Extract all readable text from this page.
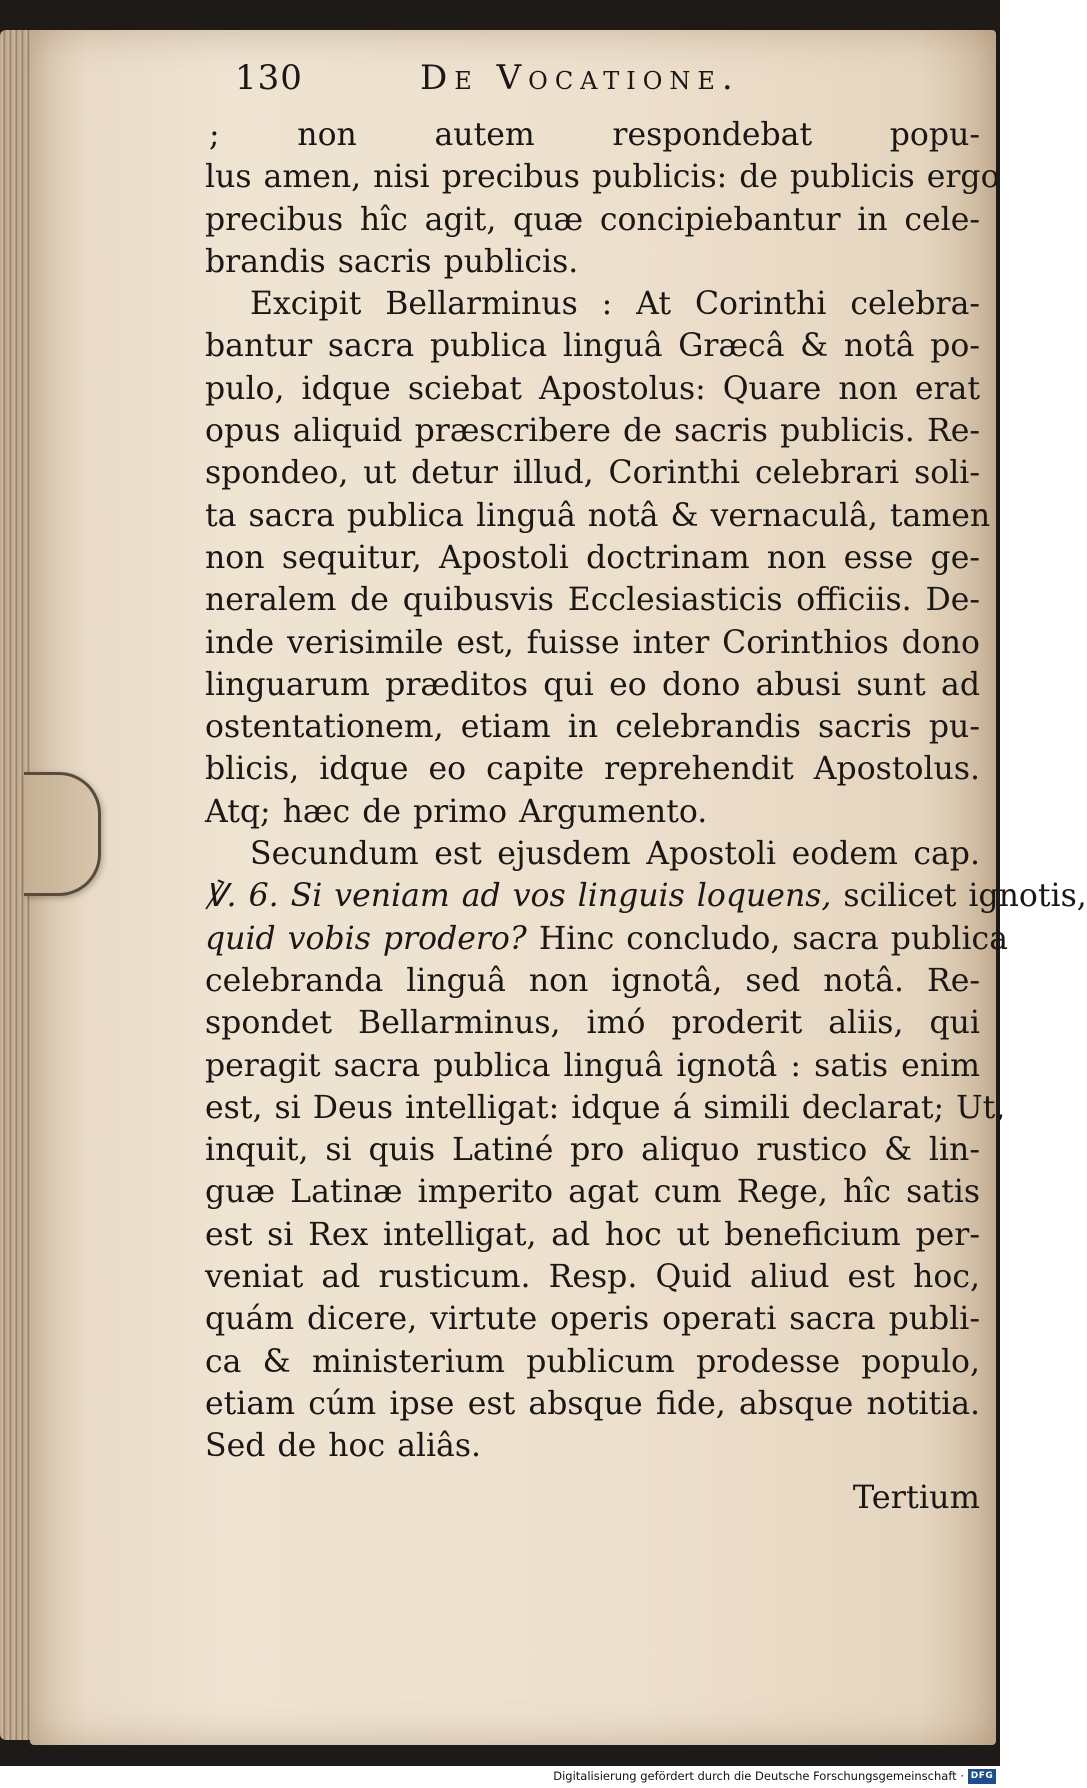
130	De Vocatione.
; non autem respondebat popu-
lus amen, nisi precibus publicis: de publicis ergo
precibus hîc agit, quæ concipiebantur in cele-
brandis sacris publicis.
Excipit Bellarminus : At Corinthi celebra-
bantur sacra publica linguâ Græcâ & notâ po-
pulo, idque sciebat Apostolus: Quare non erat
opus aliquid præscribere de sacris publicis. Re-
spondeo, ut detur illud, Corinthi celebrari soli-
ta sacra publica linguâ notâ & vernaculâ, tamen
non sequitur, Apostoli doctrinam non esse ge-
neralem de quibusvis Ecclesiasticis officiis. De-
inde verisimile est, fuisse inter Corinthios dono
linguarum præditos qui eo dono abusi sunt ad
ostentationem, etiam in celebrandis sacris pu-
blicis, idque eo capite reprehendit Apostolus.
Atq; hæc de primo Argumento.
Secundum est ejusdem Apostoli eodem cap.
℣. 6. Si veniam ad vos linguis loquens, scilicet ignotis,
quid vobis prodero? Hinc concludo, sacra publica
celebranda linguâ non ignotâ, sed notâ. Re-
spondet Bellarminus, imó proderit aliis, qui
peragit sacra publica linguâ ignotâ : satis enim
est, si Deus intelligat: idque á simili declarat; Ut,
inquit, si quis Latiné pro aliquo rustico & lin-
guæ Latinæ imperito agat cum Rege, hîc satis
est si Rex intelligat, ad hoc ut beneficium per-
veniat ad rusticum. Resp. Quid aliud est hoc,
quám dicere, virtute operis operati sacra publi-
ca & ministerium publicum prodesse populo,
etiam cúm ipse est absque fide, absque notitia.
Sed de hoc aliâs.
Tertium
Digitalisierung gefördert durch die Deutsche Forschungsgemeinschaft · DFG
